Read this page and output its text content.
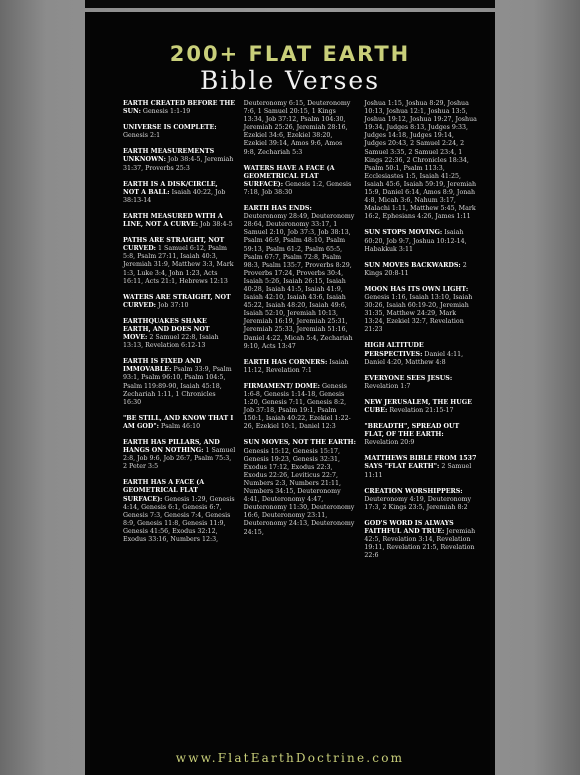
200+ FLAT EARTH
Bible Verses
EARTH CREATED BEFORE THE SUN: Genesis 1:1-19
UNIVERSE IS COMPLETE: Genesis 2:1
EARTH MEASUREMENTS UNKNOWN: Job 38:4-5, Jeremiah 31:37, Proverbs 25:3
EARTH IS A DISK/CIRCLE, NOT A BALL: Isaiah 40:22, Job 38:13-14
EARTH MEASURED WITH A LINE, NOT A CURVE: Job 38:4-5
PATHS ARE STRAIGHT, NOT CURVED: 1 Samuel 6:12, Psalm 5:8, Psalm 27:11, Isaiah 40:3, Jeremiah 31:9, Matthew 3:3, Mark 1:3, Luke 3:4, John 1:23, Acts 16:11, Acts 21:1, Hebrews 12:13
WATERS ARE STRAIGHT, NOT CURVED: Job 37:10
EARTHQUAKES SHAKE EARTH, AND DOES NOT MOVE: 2 Samuel 22:8, Isaiah 13:13, Revelation 6:12-13
EARTH IS FIXED AND IMMOVABLE: Psalm 33:9, Psalm 93:1, Psalm 96:10, Psalm 104:5, Psalm 119:89-90, Isaiah 45:18, Zechariah 1:11, 1 Chronicles 16:30
"BE STILL, AND KNOW THAT I AM GOD": Psalm 46:10
EARTH HAS PILLARS, AND HANGS ON NOTHING: 1 Samuel 2:8, Job 9:6, Job 26:7, Psalm 75:3, 2 Peter 3:5
EARTH HAS A FACE (A GEOMETRICAL FLAT SURFACE): Genesis 1:29, Genesis 4:14, Genesis 6:1, Genesis 6:7, Genesis 7:3, Genesis 7:4, Genesis 8:9, Genesis 11:8, Genesis 11:9, Genesis 41:56, Exodus 32:12, Exodus 33:16, Numbers 12:3,
Deuteronomy 6:15, Deuteronomy 7:6, 1 Samuel 20:15, 1 Kings 13:34, Job 37:12, Psalm 104:30, Jeremiah 25:26, Jeremiah 28:16, Ezekiel 34:6, Ezekiel 38:20, Ezekiel 39:14, Amos 9:6, Amos 9:8, Zechariah 5:3
WATERS HAVE A FACE (A GEOMETRICAL FLAT SURFACE): Genesis 1:2, Genesis 7:18, Job 38:30
EARTH HAS ENDS: Deuteronomy 28:49, Deuteronomy 28:64, Deuteronomy 33:17, 1 Samuel 2:10, Job 37:3, Job 38:13, Psalm 46:9, Psalm 48:10, Psalm 59:13, Psalm 61:2, Psalm 65:5, Psalm 67:7, Psalm 72:8, Psalm 98:3, Psalm 135:7, Proverbs 8:29, Proverbs 17:24, Proverbs 30:4, Isaiah 5:26, Isaiah 26:15, Isaiah 40:28, Isaiah 41:5, Isaiah 41:9, Isaiah 42:10, Isaiah 43:6, Isaiah 45:22, Isaiah 48:20, Isaiah 49:6, Isaiah 52:10, Jeremiah 10:13, Jeremiah 16:19, Jeremiah 25:31, Jeremiah 25:33, Jeremiah 51:16, Daniel 4:22, Micah 5:4, Zechariah 9:10, Acts 13:47
EARTH HAS CORNERS: Isaiah 11:12, Revelation 7:1
FIRMAMENT/ DOME: Genesis 1:6-8, Genesis 1:14-18, Genesis 1:20, Genesis 7:11, Genesis 8:2, Job 37:18, Psalm 19:1, Psalm 150:1, Isaiah 40:22, Ezekiel 1:22-26, Ezekiel 10:1, Daniel 12:3
SUN MOVES, NOT THE EARTH: Genesis 15:12, Genesis 15:17, Genesis 19:23, Genesis 32:31, Exodus 17:12, Exodus 22:3, Exodus 22:26, Leviticus 22:7, Numbers 2:3, Numbers 21:11, Numbers 34:15, Deuteronomy 4:41, Deuteronomy 4:47, Deuteronomy 11:30, Deuteronomy 16:6, Deuteronomy 23:11, Deuteronomy 24:13, Deuteronomy 24:15,
Joshua 1:15, Joshua 8:29, Joshua 10:13, Joshua 12:1, Joshua 13:5, Joshua 19:12, Joshua 19:27, Joshua 19:34, Judges 8:13, Judges 9:33, Judges 14:18, Judges 19:14, Judges 20:43, 2 Samuel 2:24, 2 Samuel 3:35, 2 Samuel 23:4, 1 Kings 22:36, 2 Chronicles 18:34, Psalm 50:1, Psalm 113:3, Ecclesiastes 1:5, Isaiah 41:25, Isaiah 45:6, Isaiah 59:19, Jeremiah 15:9, Daniel 6:14, Amos 8:9, Jonah 4:8, Micah 3:6, Nahum 3:17, Malachi 1:11, Matthew 5:45, Mark 16:2, Ephesians 4:26, James 1:11
SUN STOPS MOVING: Isaiah 60:20, Job 9:7, Joshua 10:12-14, Habakkuk 3:11
SUN MOVES BACKWARDS: 2 Kings 20:8-11
MOON HAS ITS OWN LIGHT: Genesis 1:16, Isaiah 13:10, Isaiah 30:26, Isaiah 60:19-20, Jeremiah 31:35, Matthew 24:29, Mark 13:24, Ezekiel 32:7, Revelation 21:23
HIGH ALTITUDE PERSPECTIVES: Daniel 4:11, Daniel 4:20, Matthew 4:8
EVERYONE SEES JESUS: Revelation 1:7
NEW JERUSALEM, THE HUGE CUBE: Revelation 21:15-17
"BREADTH", SPREAD OUT FLAT, OF THE EARTH: Revelation 20:9
MATTHEWS BIBLE FROM 1537 SAYS "FLAT EARTH": 2 Samuel 11:11
CREATION WORSHIPPERS: Deuteronomy 4:19, Deuteronomy 17:3, 2 Kings 23:5, Jeremiah 8:2
GOD'S WORD IS ALWAYS FAITHFUL AND TRUE: Jeremiah 42:5, Revelation 3:14, Revelation 19:11, Revelation 21:5, Revelation 22:6
www.FlatEarthDoctrine.com
